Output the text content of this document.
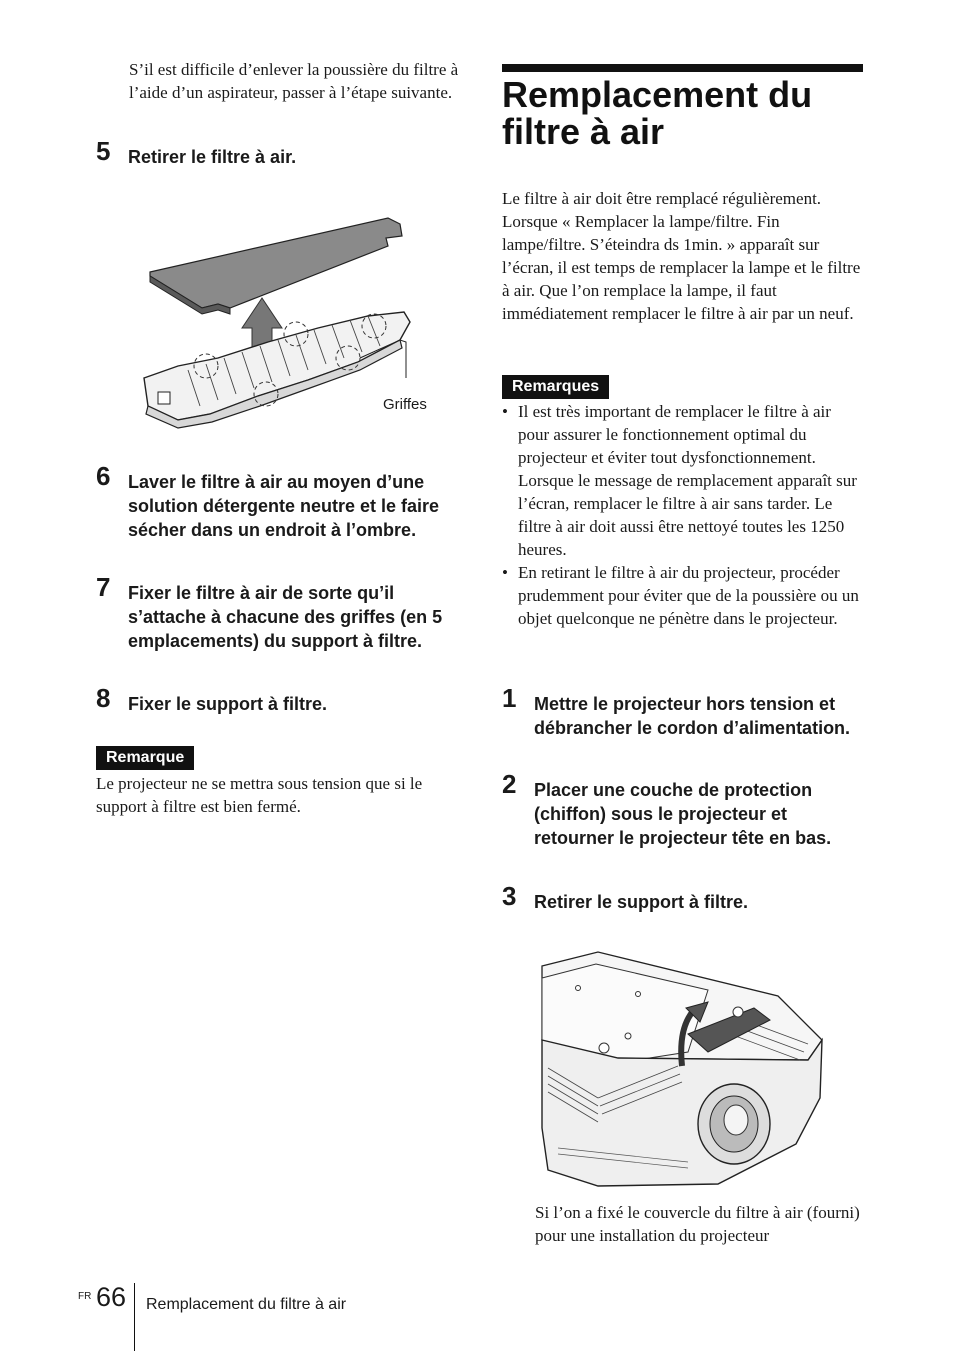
S’il est difficile d’enlever la poussière du filtre à l’aide d’un aspirateur, passer à l’étape suivante.

5 Retirer le filtre à air.
Griffes
6 Laver le filtre à air au moyen d’une solution détergente neutre et le faire sécher dans un endroit à l’ombre.
7 Fixer le filtre à air de sorte qu’il s’attache à chacune des griffes (en 5 emplacements) du support à filtre.
8 Fixer le support à filtre.
Remarque

Le projecteur ne se mettra sous tension que si le support à filtre est bien fermé.

Remplacement du filtre à air

Le filtre à air doit être remplacé régulièrement. Lorsque « Remplacer la lampe/filtre. Fin lampe/filtre. S’éteindra ds 1min. » apparaît sur l’écran, il est temps de remplacer la lampe et le filtre à air. Que l’on remplace la lampe, il faut immédiatement remplacer le filtre à air par un neuf.

Remarques
• Il est très important de remplacer le filtre à air pour assurer le fonctionnement optimal du projecteur et éviter tout dysfonctionnement. Lorsque le message de remplacement apparaît sur l’écran, remplacer le filtre à air sans tarder. Le filtre à air doit aussi être nettoyé toutes les 1250 heures.
• En retirant le filtre à air du projecteur, procéder prudemment pour éviter que de la poussière ou un objet quelconque ne pénètre dans le projecteur.
1 Mettre le projecteur hors tension et débrancher le cordon d’alimentation.
2 Placer une couche de protection (chiffon) sous le projecteur et retourner le projecteur tête en bas.
3 Retirer le support à filtre.

Si l’on a fixé le couvercle du filtre à air (fourni) pour une installation du projecteur

FR 66 Remplacement du filtre à air
